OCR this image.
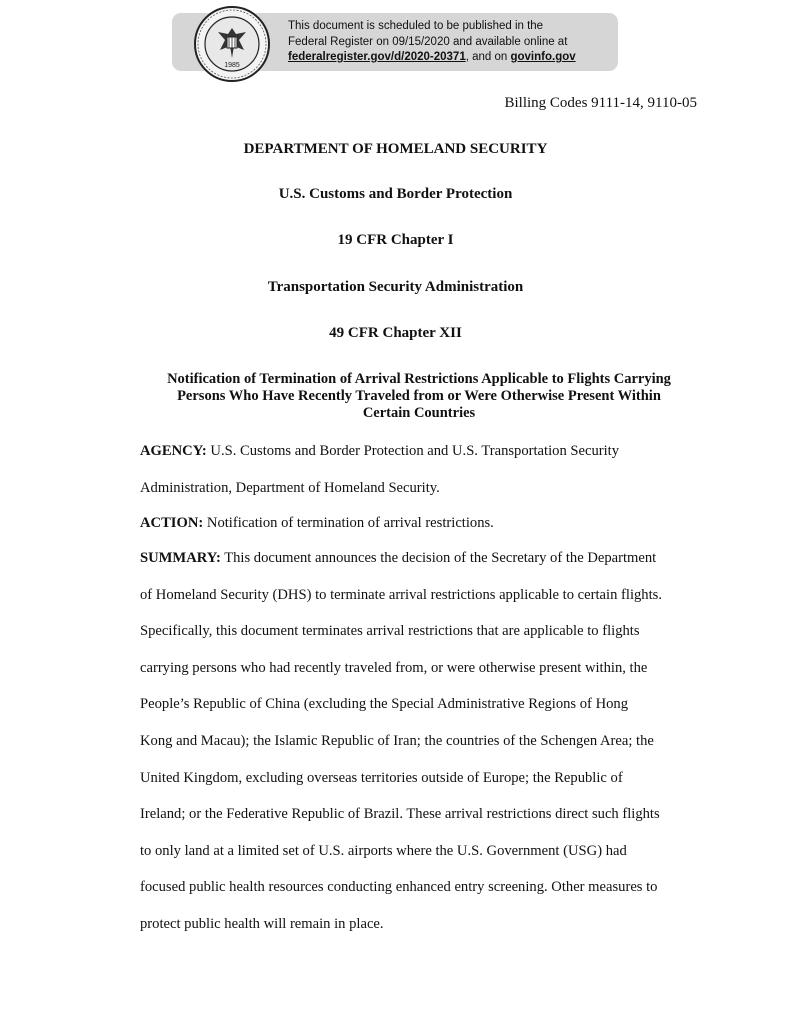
1985
This document is scheduled to be published in the
Federal Register on 09/15/2020 and available online at
federalregister.gov/d/2020-20371, and on govinfo.gov
Billing Codes 9111-14, 9110-05
DEPARTMENT OF HOMELAND SECURITY
U.S. Customs and Border Protection
19 CFR Chapter I
Transportation Security Administration
49 CFR Chapter XII
Notification of Termination of Arrival Restrictions Applicable to Flights Carrying
Persons Who Have Recently Traveled from or Were Otherwise Present Within
Certain Countries
AGENCY: U.S. Customs and Border Protection and U.S. Transportation Security
Administration, Department of Homeland Security.
ACTION: Notification of termination of arrival restrictions.
SUMMARY: This document announces the decision of the Secretary of the Department
of Homeland Security (DHS) to terminate arrival restrictions applicable to certain flights.
Specifically, this document terminates arrival restrictions that are applicable to flights
carrying persons who had recently traveled from, or were otherwise present within, the
People’s Republic of China (excluding the Special Administrative Regions of Hong
Kong and Macau); the Islamic Republic of Iran; the countries of the Schengen Area; the
United Kingdom, excluding overseas territories outside of Europe; the Republic of
Ireland; or the Federative Republic of Brazil. These arrival restrictions direct such flights
to only land at a limited set of U.S. airports where the U.S. Government (USG) had
focused public health resources conducting enhanced entry screening. Other measures to
protect public health will remain in place.
